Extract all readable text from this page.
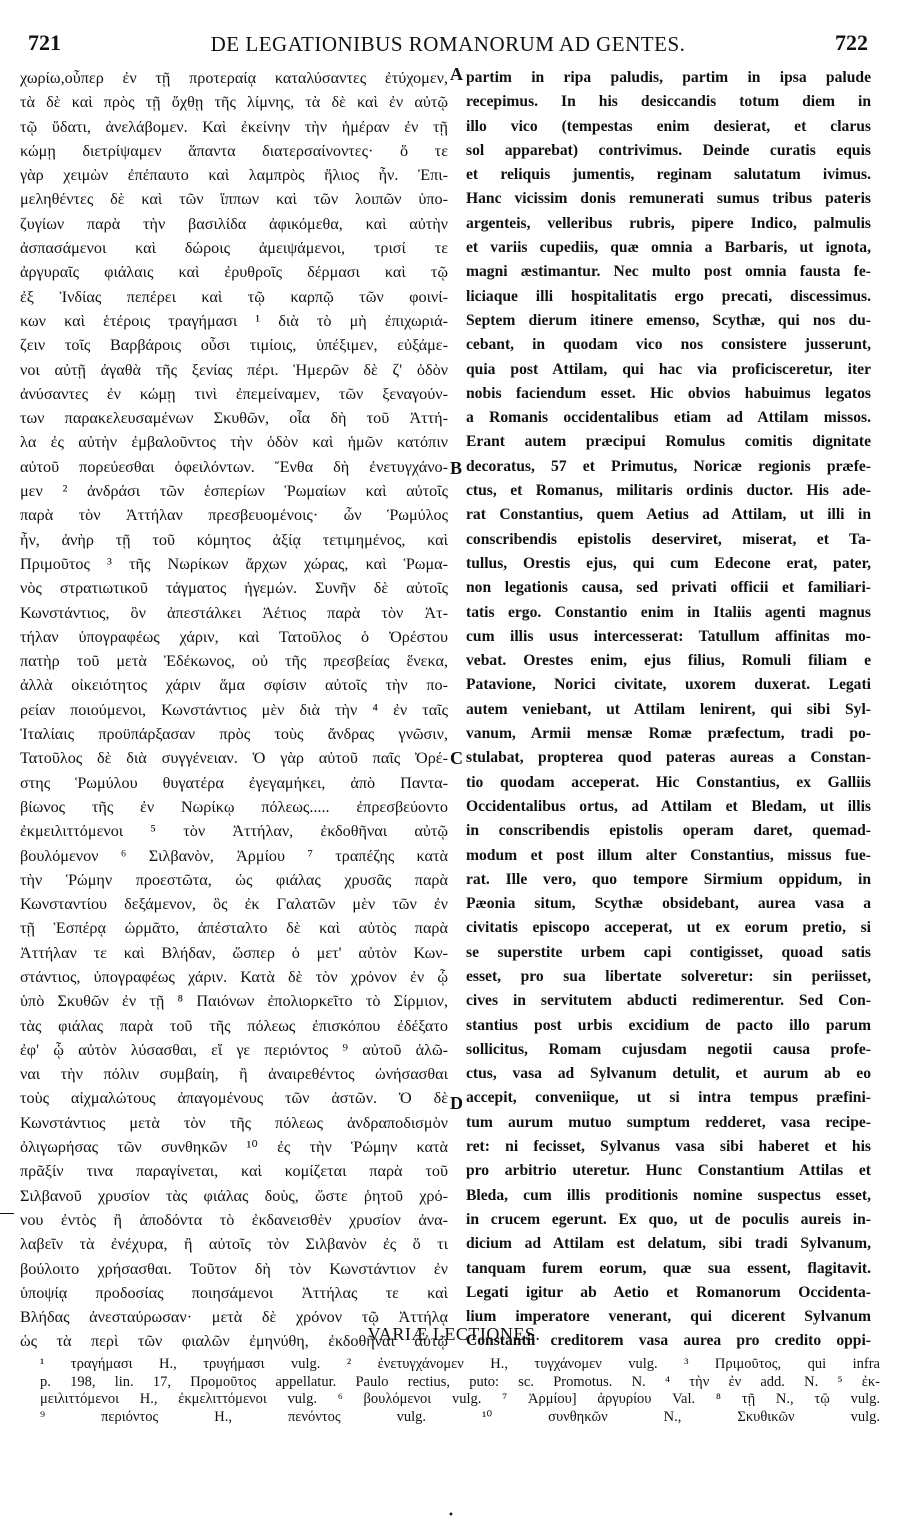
721	DE LEGATIONIBUS ROMANORUM AD GENTES.	722
χωρίω,οὗπερ ἐν τῇ προτεραίᾳ καταλύσαντες ἐτύχομεν,
τὰ δὲ καὶ πρὸς τῇ ὄχθῃ τῆς λίμνης, τὰ δὲ καὶ ἐν αὐτῷ
τῷ ὕδατι, ἀνελάβομεν. Καὶ ἐκείνην τὴν ἡμέραν ἐν τῇ
κώμῃ διετρίψαμεν ἅπαντα διατερσαίνοντες· ὅ τε
γὰρ χειμὼν ἐπέπαυτο καὶ λαμπρὸς ἥλιος ἦν. Ἐπι-
μεληθέντες δὲ καὶ τῶν ἵππων καὶ τῶν λοιπῶν ὑπο-
ζυγίων παρὰ τὴν βασιλίδα ἀφικόμεθα, καὶ αὐτὴν
ἀσπασάμενοι καὶ δώροις ἀμειψάμενοι, τρισί τε
ἀργυραῖς φιάλαις καὶ ἐρυθροῖς δέρμασι καὶ τῷ
ἐξ Ἰνδίας πεπέρει καὶ τῷ καρπῷ τῶν φοινί-
κων καὶ ἑτέροις τραγήμασι ¹ διὰ τὸ μὴ ἐπιχωριά-
ζειν τοῖς Βαρβάροις οὖσι τιμίοις, ὑπέξιμεν, εὐξάμε-
νοι αὐτῇ ἀγαθὰ τῆς ξενίας πέρι. Ἡμερῶν δὲ ζ' ὁδὸν
ἀνύσαντες ἐν κώμῃ τινὶ ἐπεμείναμεν, τῶν ξεναγούν-
των παρακελευσαμένων Σκυθῶν, οἷα δὴ τοῦ Ἀττή-
λα ἐς αὐτὴν ἐμβαλοῦντος τὴν ὁδὸν καὶ ἡμῶν κατόπιν
αὐτοῦ πορεύεσθαι ὀφειλόντων. Ἔνθα δὴ ἐνετυγχάνο-
μεν ² ἀνδράσι τῶν ἑσπερίων Ῥωμαίων καὶ αὐτοῖς
παρὰ τὸν Ἀττήλαν πρεσβευομένοις· ὧν Ῥωμύλος
ἦν, ἀνὴρ τῇ τοῦ κόμητος ἀξίᾳ τετιμημένος, καὶ
Πριμοῦτος ³ τῆς Νωρίκων ἄρχων χώρας, καὶ Ῥωμα-
νὸς στρατιωτικοῦ τάγματος ἡγεμών. Συνῆν δὲ αὐτοῖς
Κωνστάντιος, ὃν ἀπεστάλκει Ἀέτιος παρὰ τὸν Ἀτ-
τήλαν ὑπογραφέως χάριν, καὶ Τατοῦλος ὁ Ὀρέστου
πατὴρ τοῦ μετὰ Ἐδέκωνος, οὐ τῆς πρεσβείας ἕνεκα,
ἀλλὰ οἰκειότητος χάριν ἅμα σφίσιν αὐτοῖς τὴν πο-
ρείαν ποιούμενοι, Κωνστάντιος μὲν διὰ τὴν ⁴ ἐν ταῖς
Ἰταλίαις προϋπάρξασαν πρὸς τοὺς ἄνδρας γνῶσιν,
Τατοῦλος δὲ διὰ συγγένειαν. Ὁ γὰρ αὐτοῦ παῖς Ὀρέ-
στης Ῥωμύλου θυγατέρα ἐγεγαμήκει, ἀπὸ Παντα-
βίωνος τῆς ἐν Νωρίκῳ πόλεως..... ἐπρεσβεύοντο
ἐκμειλιττόμενοι ⁵ τὸν Ἀττήλαν, ἐκδοθῆναι αὐτῷ
βουλόμενον ⁶ Σιλβανὸν, Ἀρμίου ⁷ τραπέζης κατὰ
τὴν Ῥώμην προεστῶτα, ὡς φιάλας χρυσᾶς παρὰ
Κωνσταντίου δεξάμενον, ὃς ἐκ Γαλατῶν μὲν τῶν ἐν
τῇ Ἑσπέρᾳ ὡρμᾶτο, ἀπέσταλτο δὲ καὶ αὐτὸς παρὰ
Ἀττήλαν τε καὶ Βλήδαν, ὥσπερ ὁ μετ' αὐτὸν Κων-
στάντιος, ὑπογραφέως χάριν. Κατὰ δὲ τὸν χρόνον ἐν ᾧ
ὑπὸ Σκυθῶν ἐν τῇ ⁸ Παιόνων ἐπολιορκεῖτο τὸ Σίρμιον,
τὰς φιάλας παρὰ τοῦ τῆς πόλεως ἐπισκόπου ἐδέξατο
ἐφ' ᾧ αὐτὸν λύσασθαι, εἴ γε περιόντος ⁹ αὐτοῦ ἁλῶ-
ναι τὴν πόλιν συμβαίη, ἢ ἀναιρεθέντος ὠνήσασθαι
τοὺς αἰχμαλώτους ἀπαγομένους τῶν ἀστῶν. Ὁ δὲ
Κωνστάντιος μετὰ τὸν τῆς πόλεως ἀνδραποδισμὸν
ὀλιγωρήσας τῶν συνθηκῶν ¹⁰ ἐς τὴν Ῥώμην κατὰ
πρᾶξίν τινα παραγίνεται, καὶ κομίζεται παρὰ τοῦ
Σιλβανοῦ χρυσίον τὰς φιάλας δοὺς, ὥστε ῥητοῦ χρό-
νου ἐντὸς ἢ ἀποδόντα τὸ ἐκδανεισθὲν χρυσίον ἀνα-
λαβεῖν τὰ ἐνέχυρα, ἢ αὐτοῖς τὸν Σιλβανὸν ἐς ὅ τι
βούλοιτο χρήσασθαι. Τοῦτον δὴ τὸν Κωνστάντιον ἐν
ὑποψίᾳ προδοσίας ποιησάμενοι Ἀττήλας τε καὶ
Βλήδας ἀνεσταύρωσαν· μετὰ δὲ χρόνον τῷ Ἀττήλᾳ
ὡς τὰ περὶ τῶν φιαλῶν ἐμηνύθη, ἐκδοθῆναι αὐτῷ
partim in ripa paludis, partim in ipsa palude
recepimus. In his desiccandis totum diem in
illo vico (tempestas enim desierat, et clarus
sol apparebat) contrivimus. Deinde curatis equis
et reliquis jumentis, reginam salutatum ivimus.
Hanc vicissim donis remunerati sumus tribus pateris
argenteis, velleribus rubris, pipere Indico, palmulis
et variis cupediis, quæ omnia a Barbaris, ut ignota,
magni æstimantur. Nec multo post omnia fausta fe-
liciaque illi hospitalitatis ergo precati, discessimus.
Septem dierum itinere emenso, Scythæ, qui nos du-
cebant, in quodam vico nos consistere jusserunt,
quia post Attilam, qui hac via proficisceretur, iter
nobis faciendum esset. Hic obvios habuimus legatos
a Romanis occidentalibus etiam ad Attilam missos.
Erant autem præcipui Romulus comitis dignitate
decoratus, 57 et Primutus, Noricæ regionis præfe-
ctus, et Romanus, militaris ordinis ductor. His ade-
rat Constantius, quem Aetius ad Attilam, ut illi in
conscribendis epistolis deserviret, miserat, et Ta-
tullus, Orestis ejus, qui cum Edecone erat, pater,
non legationis causa, sed privati officii et familiari-
tatis ergo. Constantio enim in Italiis agenti magnus
cum illis usus intercesserat: Tatullum affinitas mo-
vebat. Orestes enim, ejus filius, Romuli filiam e
Patavione, Norici civitate, uxorem duxerat. Legati
autem veniebant, ut Attilam lenirent, qui sibi Syl-
vanum, Armii mensæ Romæ præfectum, tradi po-
stulabat, propterea quod pateras aureas a Constan-
tio quodam acceperat. Hic Constantius, ex Galliis
Occidentalibus ortus, ad Attilam et Bledam, ut illis
in conscribendis epistolis operam daret, quemad-
modum et post illum alter Constantius, missus fue-
rat. Ille vero, quo tempore Sirmium oppidum, in
Pæonia situm, Scythæ obsidebant, aurea vasa a
civitatis episcopo acceperat, ut ex eorum pretio, si
se superstite urbem capi contigisset, quoad satis
esset, pro sua libertate solveretur: sin periisset,
cives in servitutem abducti redimerentur. Sed Con-
stantius post urbis excidium de pacto illo parum
sollicitus, Romam cujusdam negotii causa profe-
ctus, vasa ad Sylvanum detulit, et aurum ab eo
accepit, conveniique, ut si intra tempus præfini-
tum aurum mutuo sumptum redderet, vasa recipe-
ret: ni fecisset, Sylvanus vasa sibi haberet et his
pro arbitrio uteretur. Hunc Constantium Attilas et
Bleda, cum illis proditionis nomine suspectus esset,
in crucem egerunt. Ex quo, ut de poculis aureis in-
dicium ad Attilam est delatum, sibi tradi Sylvanum,
tanquam furem eorum, quæ sua essent, flagitavit.
Legati igitur ab Aetio et Romanorum Occidenta-
lium imperatore venerant, qui dicerent Sylvanum
Constantii creditorem vasa aurea pro credito oppi-
A
B
C
D
VARIÆ LECTIONES.
¹ τραγήμασι H., τρυγήμασι vulg. ² ἐνετυγχάνομεν H., τυγχάνομεν vulg. ³ Πριμοῦτος, qui infra
p. 198, lin. 17, Προμοῦτος appellatur. Paulo rectius, puto: sc. Promotus. N. ⁴ τὴν ἐν add. N. ⁵ ἐκ-
μειλιττόμενοι H., ἐκμελιττόμενοι vulg. ⁶ βουλόμενοι vulg. ⁷ Ἀρμίου] ἀργυρίου Val. ⁸ τῇ N., τῷ vulg.
⁹ περιόντος H., πενόντος vulg. ¹⁰ συνθηκῶν N., Σκυθικῶν vulg.
•
